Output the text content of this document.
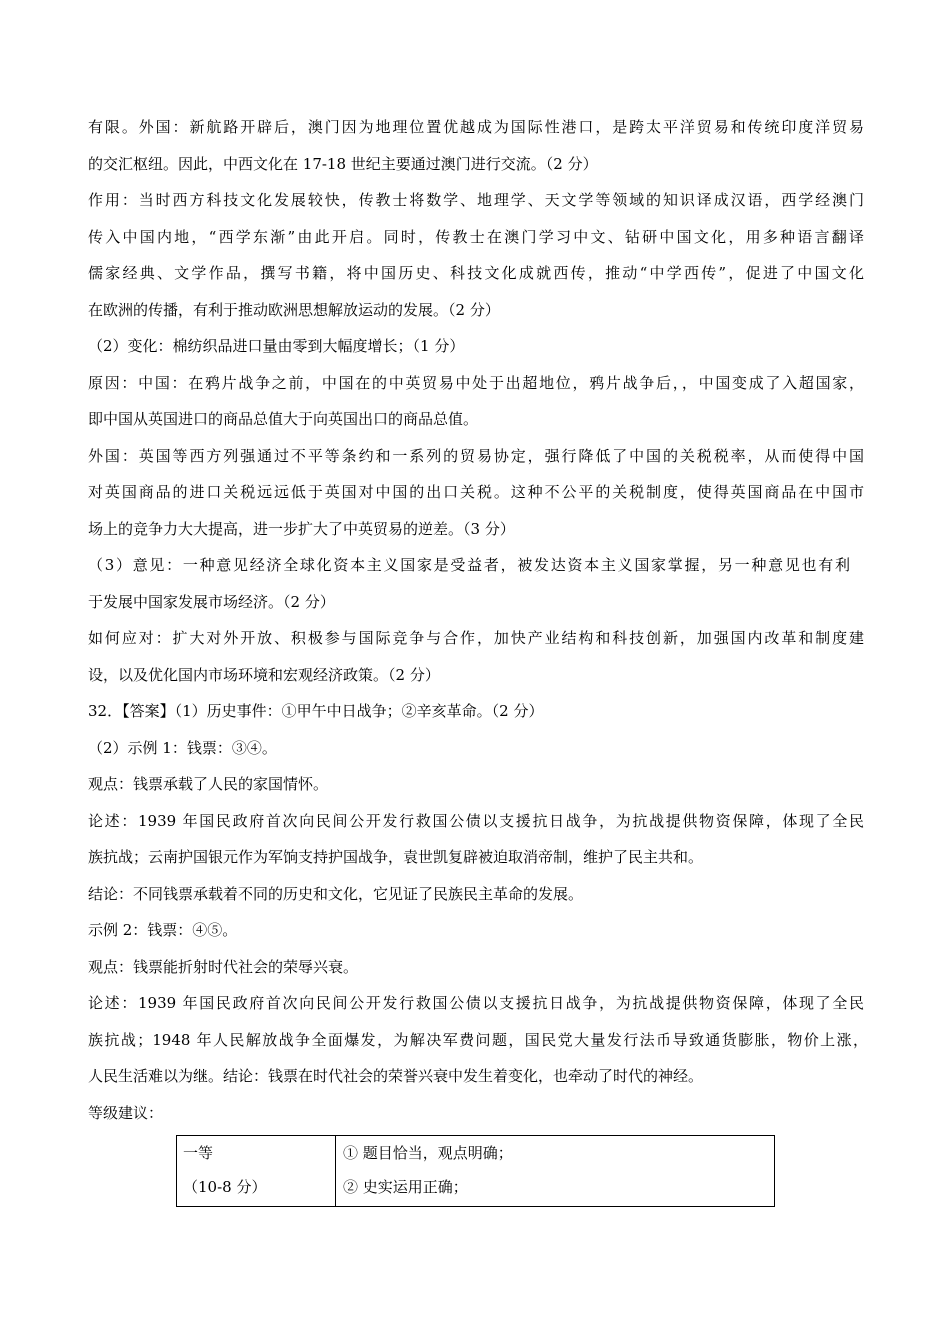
有限。外国：新航路开辟后，澳门因为地理位置优越成为国际性港口，是跨太平洋贸易和传统印度洋贸易
的交汇枢纽。因此，中西文化在 17-18 世纪主要通过澳门进行交流。（2 分）
作用：当时西方科技文化发展较快，传教士将数学、地理学、天文学等领域的知识译成汉语，西学经澳门
传入中国内地，“西学东渐”由此开启。同时，传教士在澳门学习中文、钻研中国文化，用多种语言翻译
儒家经典、文学作品，撰写书籍，将中国历史、科技文化成就西传，推动“中学西传”，促进了中国文化
在欧洲的传播，有利于推动欧洲思想解放运动的发展。（2 分）
（2）变化：棉纺织品进口量由零到大幅度增长；（1 分）
原因：中国：在鸦片战争之前，中国在的中英贸易中处于出超地位，鸦片战争后，，中国变成了入超国家，
即中国从英国进口的商品总值大于向英国出口的商品总值。
外国：英国等西方列强通过不平等条约和一系列的贸易协定，强行降低了中国的关税税率，从而使得中国
对英国商品的进口关税远远低于英国对中国的出口关税。这种不公平的关税制度，使得英国商品在中国市
场上的竞争力大大提高，进一步扩大了中英贸易的逆差。（3 分）
（3）意见：一种意见经济全球化资本主义国家是受益者，被发达资本主义国家掌握，另一种意见也有利
于发展中国家发展市场经济。（2 分）
如何应对：扩大对外开放、积极参与国际竞争与合作，加快产业结构和科技创新，加强国内改革和制度建
设，以及优化国内市场环境和宏观经济政策。（2 分）
32．【答案】（1）历史事件：①甲午中日战争；②辛亥革命。（2 分）
（2）示例 1：钱票：③④。
观点：钱票承载了人民的家国情怀。
论述：1939 年国民政府首次向民间公开发行救国公债以支援抗日战争，为抗战提供物资保障，体现了全民
族抗战；云南护国银元作为军饷支持护国战争，袁世凯复辟被迫取消帝制，维护了民主共和。
结论：不同钱票承载着不同的历史和文化，它见证了民族民主革命的发展。
示例 2：钱票：④⑤。
观点：钱票能折射时代社会的荣辱兴衰。
论述：1939 年国民政府首次向民间公开发行救国公债以支援抗日战争，为抗战提供物资保障，体现了全民
族抗战；1948 年人民解放战争全面爆发，为解决军费问题，国民党大量发行法币导致通货膨胀，物价上涨，
人民生活难以为继。结论：钱票在时代社会的荣誉兴衰中发生着变化，也牵动了时代的神经。
等级建议：
一等
（10-8 分）
① 题目恰当，观点明确；
② 史实运用正确；
